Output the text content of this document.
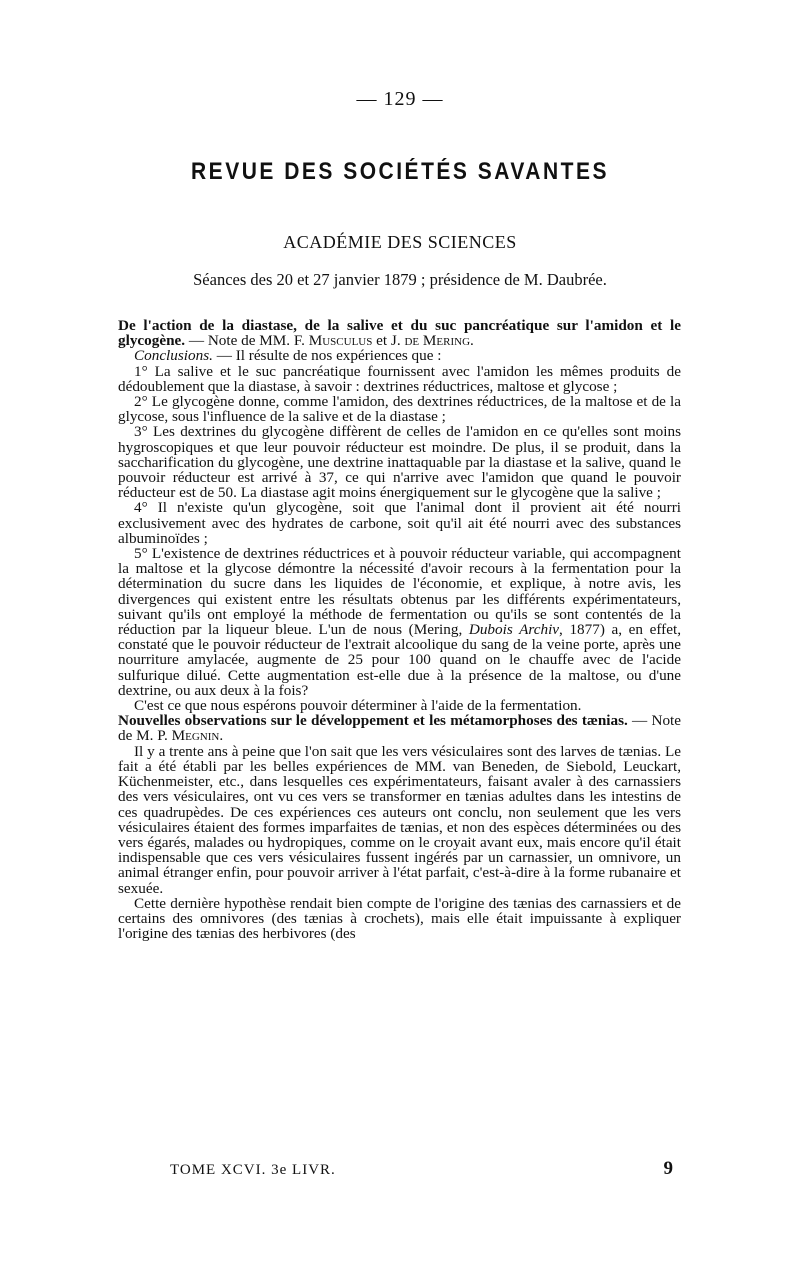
— 129 —
REVUE DES SOCIÉTÉS SAVANTES
ACADÉMIE DES SCIENCES
Séances des 20 et 27 janvier 1879 ; présidence de M. Daubrée.

De l'action de la diastase, de la salive et du suc pancréatique sur l'amidon et le glycogène. — Note de MM. F. Musculus et J. de Mering.

Conclusions. — Il résulte de nos expériences que :

1° La salive et le suc pancréatique fournissent avec l'amidon les mêmes produits de dédoublement que la diastase, à savoir : dextrines réductrices, maltose et glycose ;

2° Le glycogène donne, comme l'amidon, des dextrines réductrices, de la maltose et de la glycose, sous l'influence de la salive et de la diastase ;

3° Les dextrines du glycogène diffèrent de celles de l'amidon en ce qu'elles sont moins hygroscopiques et que leur pouvoir réducteur est moindre. De plus, il se produit, dans la saccharification du glycogène, une dextrine inattaquable par la diastase et la salive, quand le pouvoir réducteur est arrivé à 37, ce qui n'arrive avec l'amidon que quand le pouvoir réducteur est de 50. La diastase agit moins énergiquement sur le glycogène que la salive ;

4° Il n'existe qu'un glycogène, soit que l'animal dont il provient ait été nourri exclusivement avec des hydrates de carbone, soit qu'il ait été nourri avec des substances albuminoïdes ;

5° L'existence de dextrines réductrices et à pouvoir réducteur variable, qui accompagnent la maltose et la glycose démontre la nécessité d'avoir recours à la fermentation pour la détermination du sucre dans les liquides de l'économie, et explique, à notre avis, les divergences qui existent entre les résultats obtenus par les différents expérimentateurs, suivant qu'ils ont employé la méthode de fermentation ou qu'ils se sont contentés de la réduction par la liqueur bleue. L'un de nous (Mering, Dubois Archiv, 1877) a, en effet, constaté que le pouvoir réducteur de l'extrait alcoolique du sang de la veine porte, après une nourriture amylacée, augmente de 25 pour 100 quand on le chauffe avec de l'acide sulfurique dilué. Cette augmentation est-elle due à la présence de la maltose, ou d'une dextrine, ou aux deux à la fois?

C'est ce que nous espérons pouvoir déterminer à l'aide de la fermentation.

Nouvelles observations sur le développement et les métamorphoses des tænias. — Note de M. P. Megnin.

Il y a trente ans à peine que l'on sait que les vers vésiculaires sont des larves de tænias. Le fait a été établi par les belles expériences de MM. van Beneden, de Siebold, Leuckart, Küchenmeister, etc., dans lesquelles ces expérimentateurs, faisant avaler à des carnassiers des vers vésiculaires, ont vu ces vers se transformer en tænias adultes dans les intestins de ces quadrupèdes. De ces expériences ces auteurs ont conclu, non seulement que les vers vésiculaires étaient des formes imparfaites de tænias, et non des espèces déterminées ou des vers égarés, malades ou hydropiques, comme on le croyait avant eux, mais encore qu'il était indispensable que ces vers vésiculaires fussent ingérés par un carnassier, un omnivore, un animal étranger enfin, pour pouvoir arriver à l'état parfait, c'est-à-dire à la forme rubanaire et sexuée.

Cette dernière hypothèse rendait bien compte de l'origine des tænias des carnassiers et de certains des omnivores (des tænias à crochets), mais elle était impuissante à expliquer l'origine des tænias des herbivores (des

TOME XCVI. 3e LIVR.	9
